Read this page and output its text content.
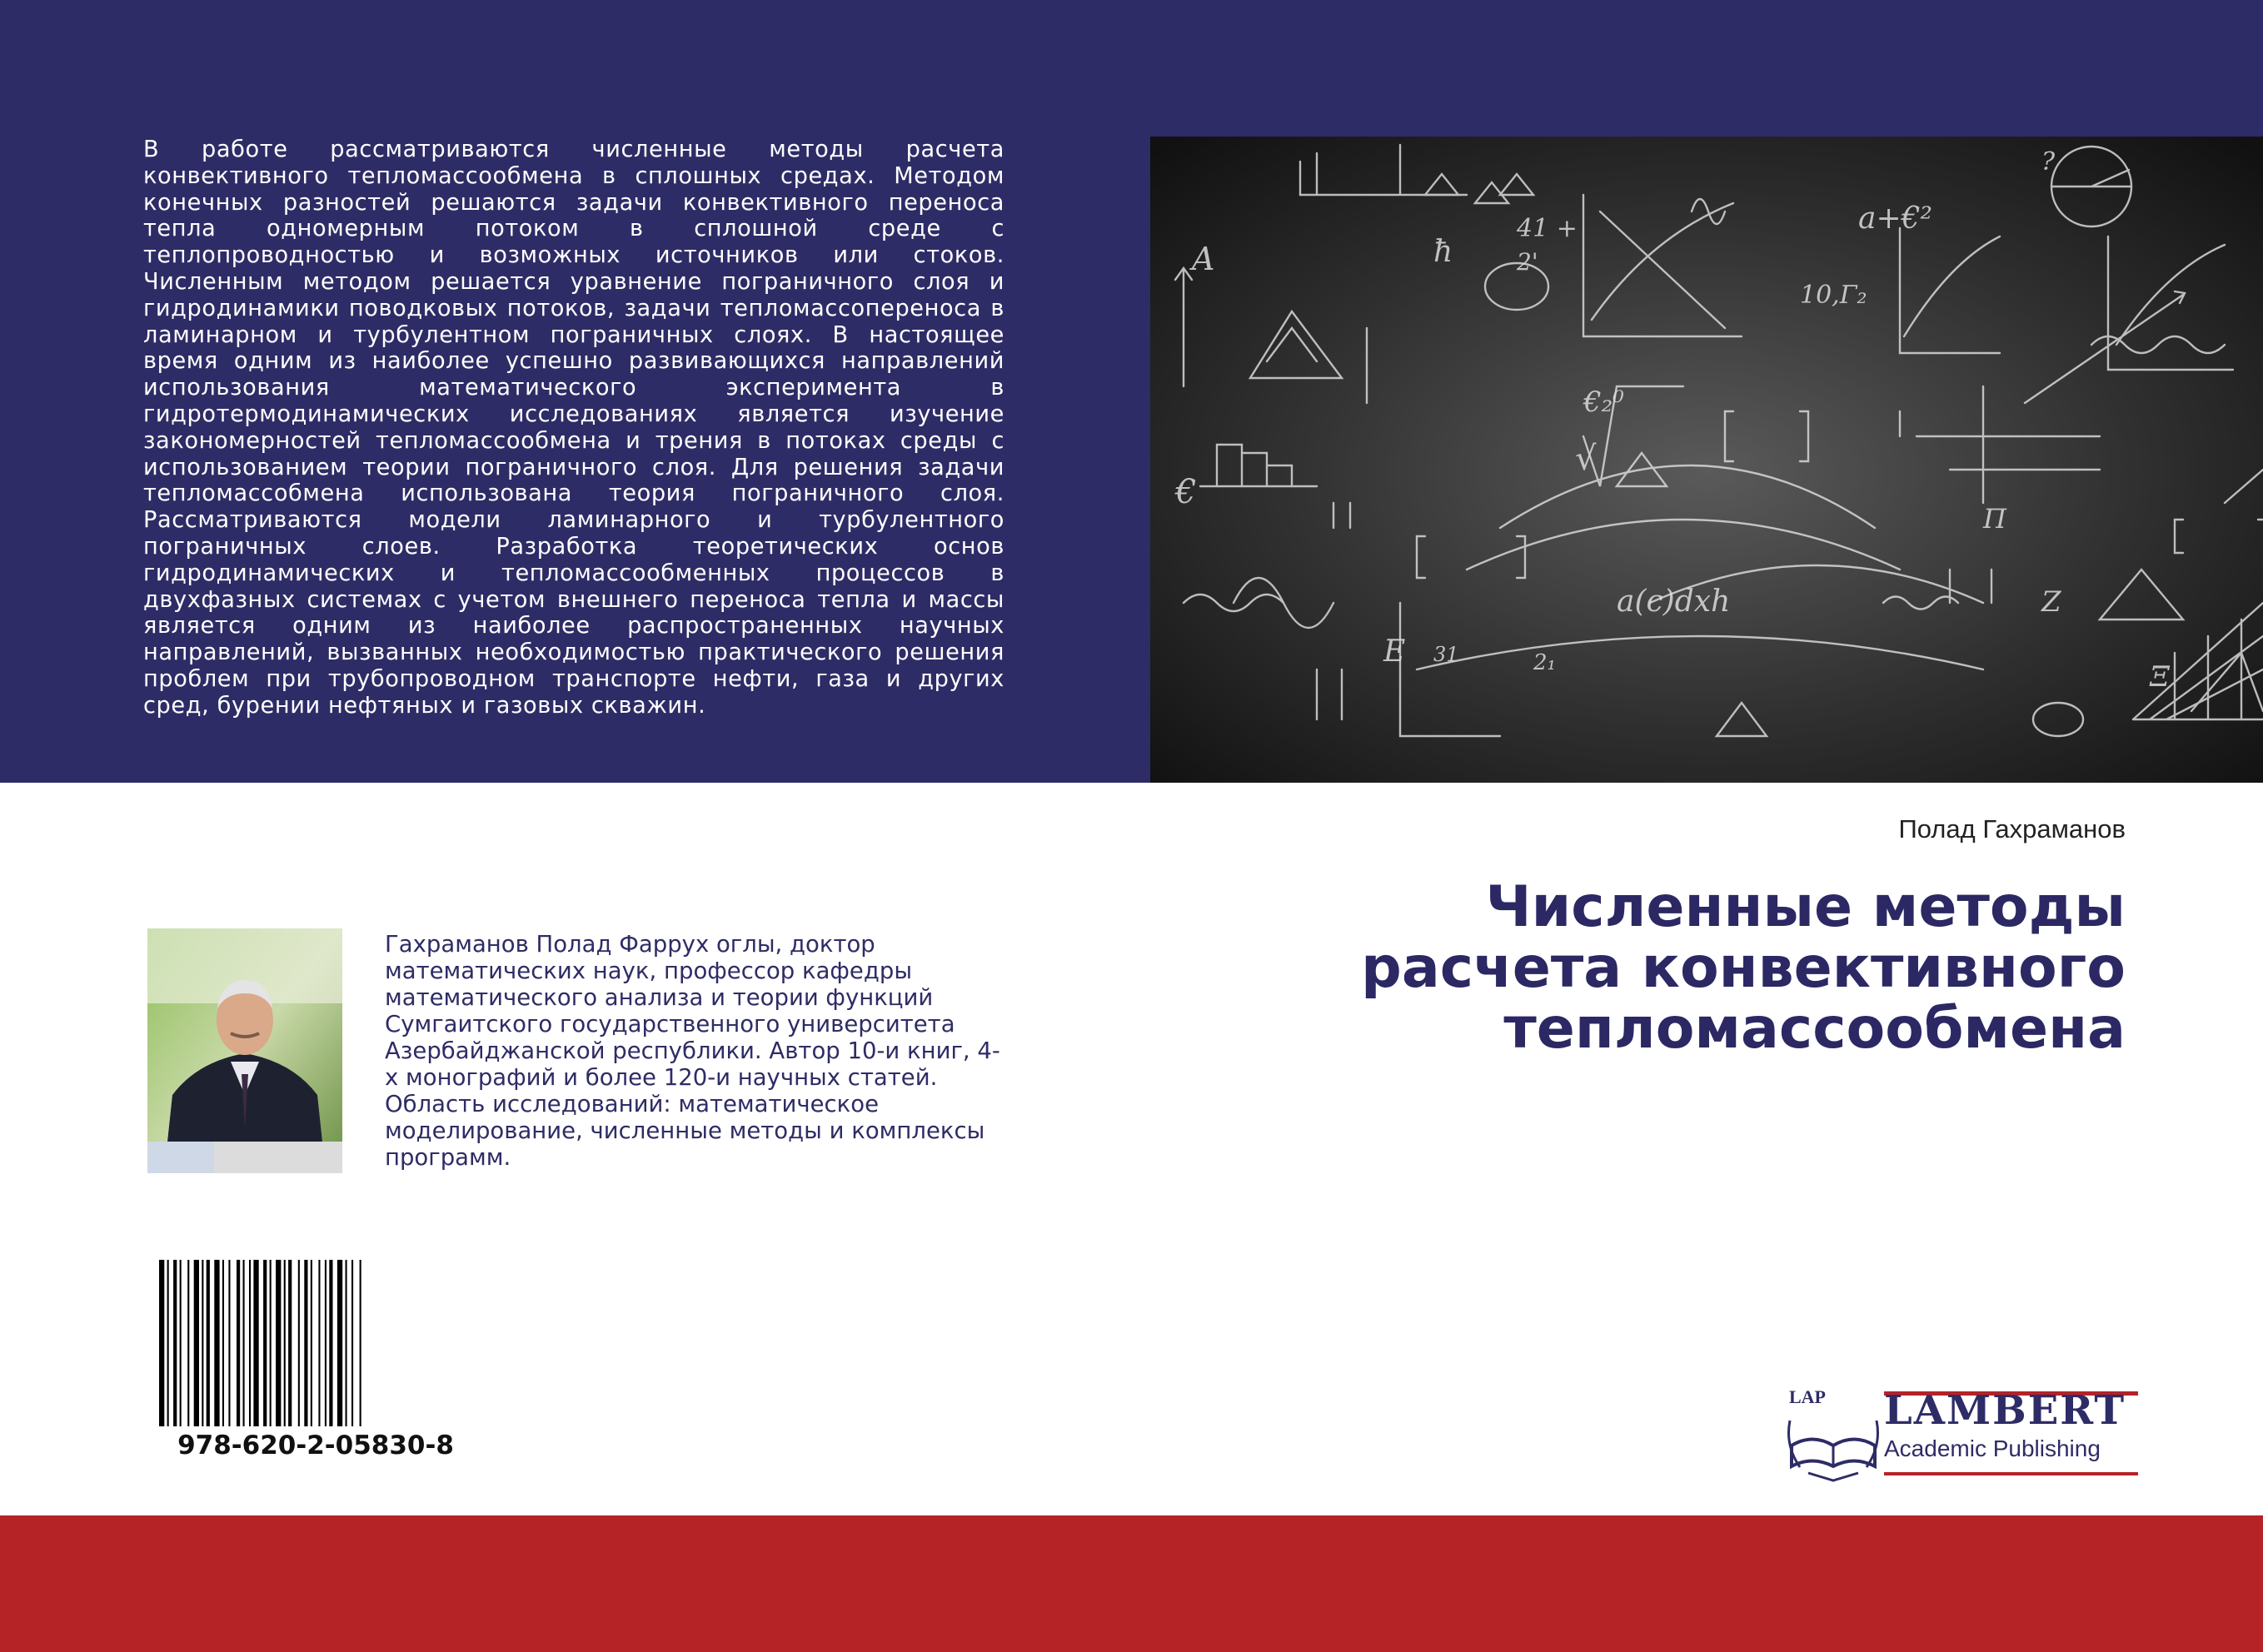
В работе рассматриваются численные методы расчета конвективного тепломассообмена в сплошных средах. Методом конечных разностей решаются задачи конвективного переноса тепла одномерным потоком в сплошной среде с теплопроводностью и возможных источников или стоков. Численным методом решается уравнение пограничного слоя и гидродинамики поводковых потоков, задачи тепломассопереноса в ламинарном и турбулентном пограничных слоях. В настоящее время одним из наиболее успешно развивающихся направлений использования математического эксперимента в гидротермодинамических исследованиях является изучение закономерностей тепломассообмена и трения в потоках среды с использованием теории пограничного слоя. Для решения задачи тепломассобмена использована теория пограничного слоя. Рассматриваются модели ламинарного и турбулентного пограничных слоев. Разработка теоретических основ гидродинамических и тепломассообменных процессов в двухфазных системах с учетом внешнего переноса тепла и массы является одним из наиболее распространенных научных направлений, вызванных необходимостью практического решения проблем при трубопроводном транспорте нефти, газа и других сред, бурении нефтяных и газовых скважин.

A
€
ħ
Ξ
41 +
2'
a+€²
10,Γ₂
€₂⁰
E 31	2₁
a(c)dxh
Π
√
Z
?
Полад Гахраманов
Численные методы
расчета конвективного
тепломассообмена

Гахраманов Полад Фаррух оглы, доктор математических наук, профессор кафедры математического анализа и теории функций Сумгаитского государственного университета Азербайджанской республики. Автор 10-и книг, 4-х монографий и более 120-и научных статей. Область исследований: математическое моделирование, численные методы и комплексы программ.

978-620-2-05830-8
LAP LAMBERT
Academic Publishing
